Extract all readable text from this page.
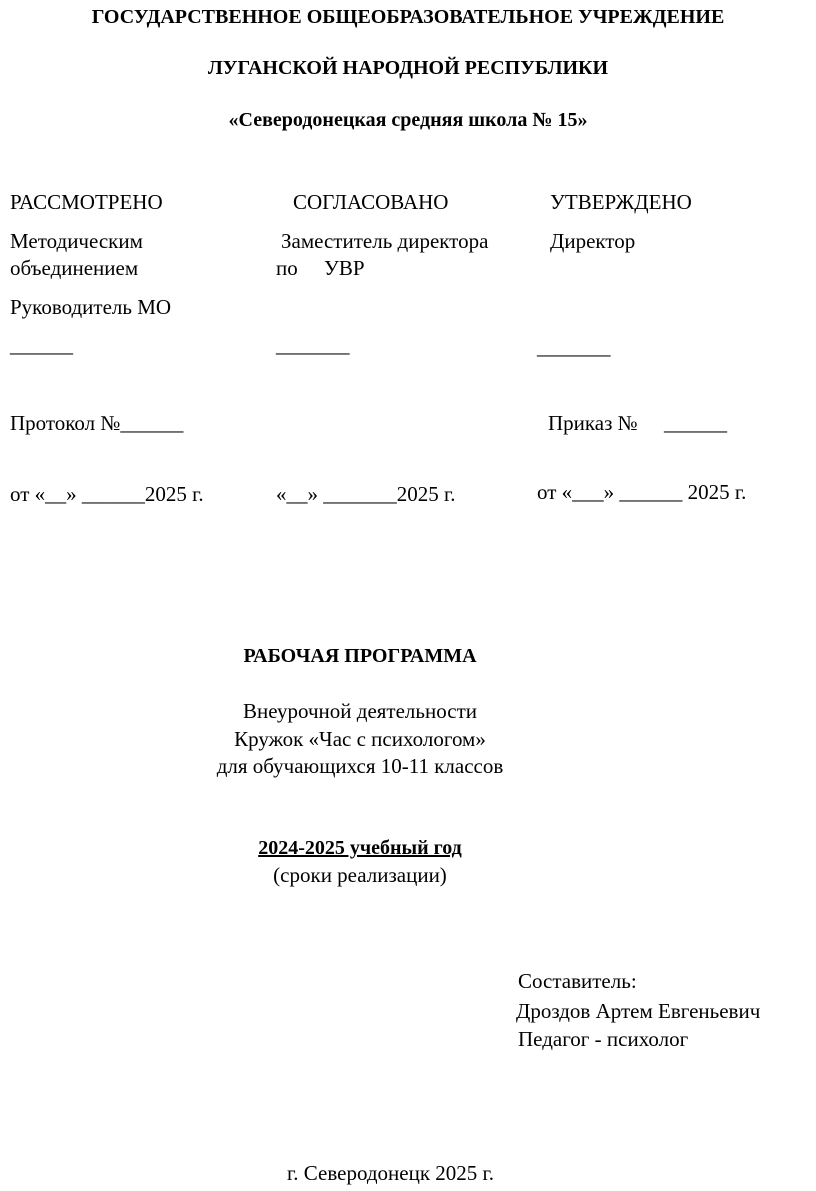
ГОСУДАРСТВЕННОЕ ОБЩЕОБРАЗОВАТЕЛЬНОЕ УЧРЕЖДЕНИЕ
ЛУГАНСКОЙ НАРОДНОЙ РЕСПУБЛИКИ
«Северодонецкая средняя школа № 15»
РАССМОТРЕНО
Методическим
объединением
Руководитель МО
______
Протокол №______
от «__» ______2025 г.
СОГЛАСОВАНО
Заместитель директора
по     УВР
_______
«__» _______2025 г.
УТВЕРЖДЕНО
Директор
_______
Приказ №     ______
от «___» ______ 2025 г.
РАБОЧАЯ ПРОГРАММА
Внеурочной деятельности
Кружок «Час с психологом»
для обучающихся 10-11 классов
2024-2025 учебный год
(сроки реализации)
Составитель:
Дроздов Артем Евгеньевич
Педагог - психолог
г. Северодонецк 2025 г.
